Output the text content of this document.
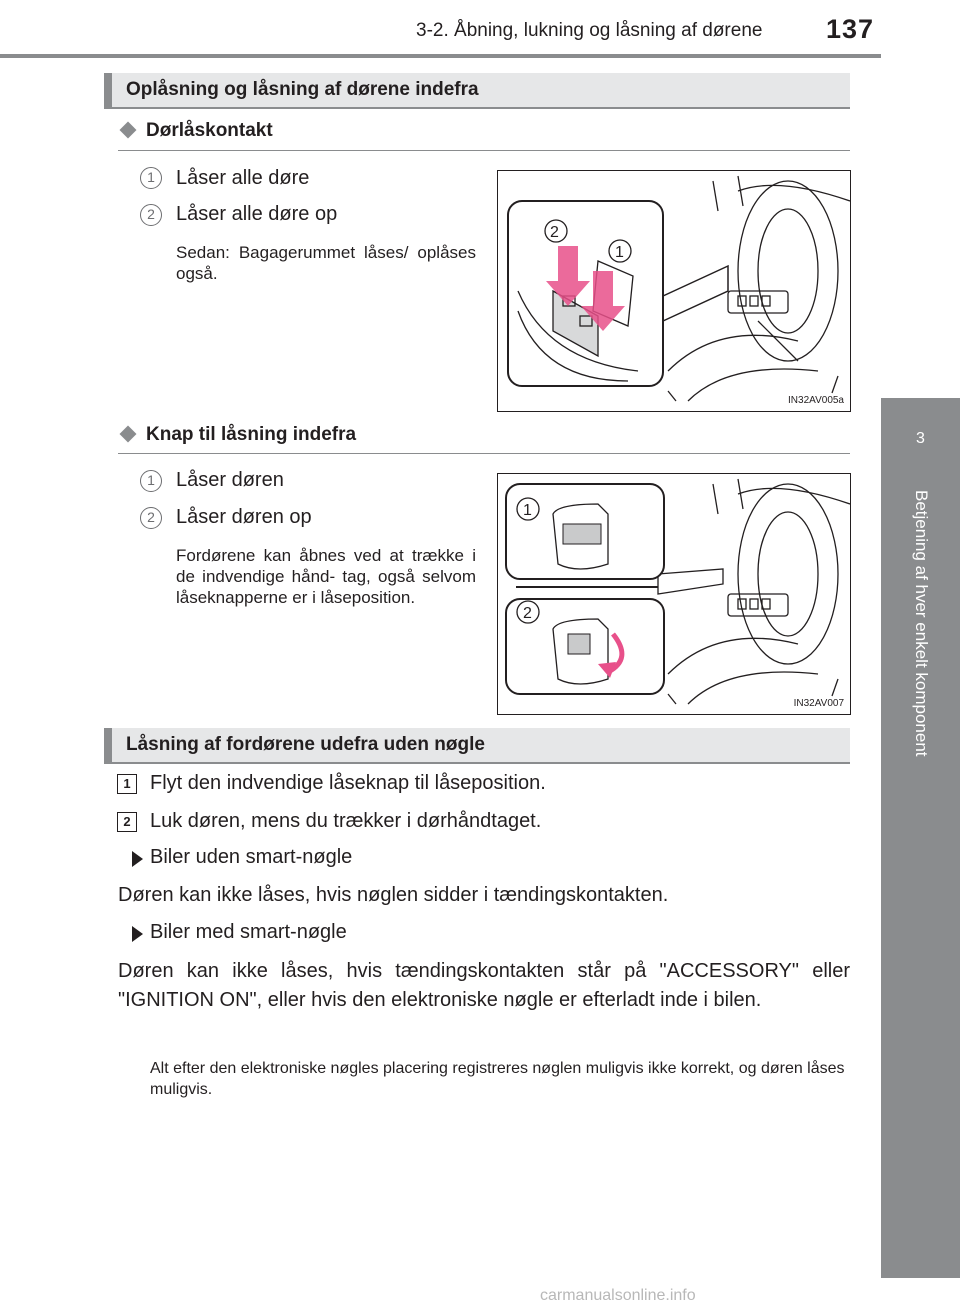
3-2. Åbning, lukning og låsning af dørene 137
3
Betjening af hver enkelt komponent
Oplåsning og låsning af dørene indefra
Dørlåskontakt
1	Låser alle døre
2	Låser alle døre op
Sedan: Bagagerummet låses/ oplåses også.
2
1
IN32AV005a
Knap til låsning indefra
1	Låser døren
2	Låser døren op
Fordørene kan åbnes ved at trække i de indvendige hånd- tag, også selvom låseknapperne er i låseposition.
1
2
IN32AV007
Låsning af fordørene udefra uden nøgle
1 Flyt den indvendige låseknap til låseposition.
2 Luk døren, mens du trækker i dørhåndtaget.
Biler uden smart-nøgle
Døren kan ikke låses, hvis nøglen sidder i tændingskontakten.
Biler med smart-nøgle
Døren kan ikke låses, hvis tændingskontakten står på "ACCESSORY" eller "IGNITION ON", eller hvis den elektroniske nøgle er efterladt inde i bilen.
Alt efter den elektroniske nøgles placering registreres nøglen muligvis ikke korrekt, og døren låses muligvis.
carmanualsonline.info
